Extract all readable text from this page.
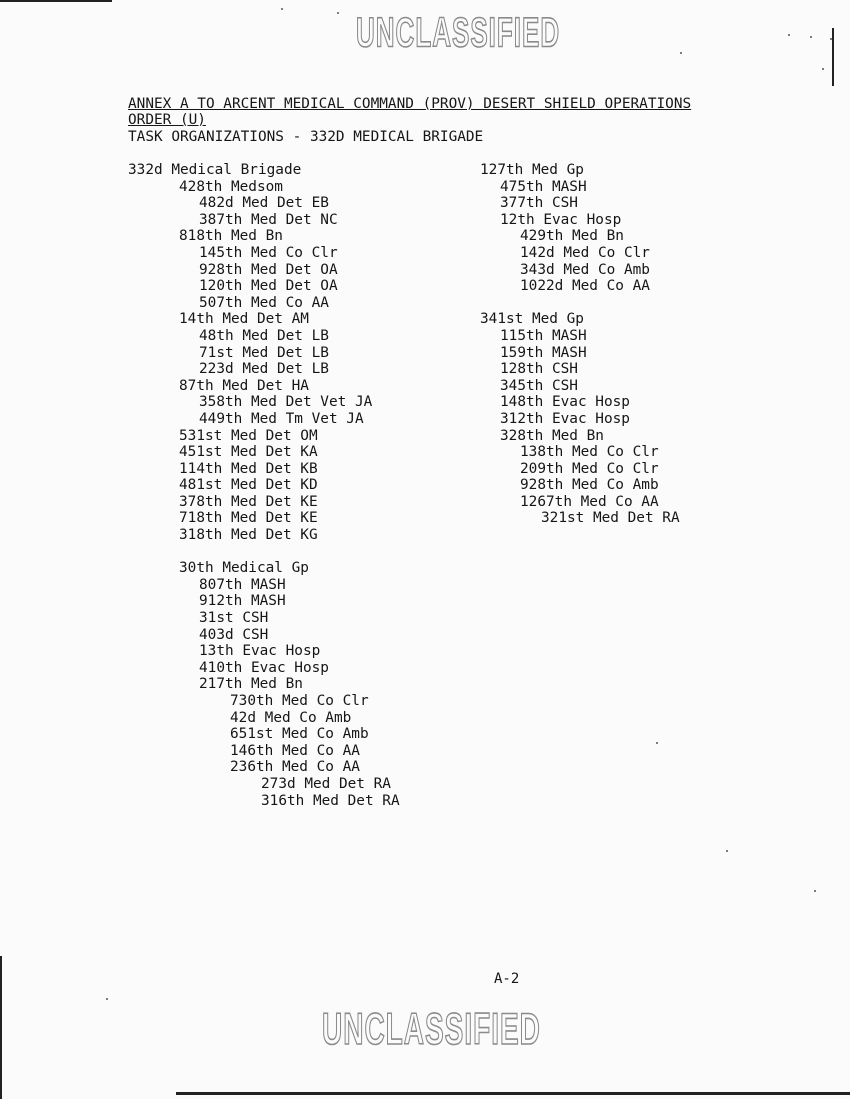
UNCLASSIFIED
ANNEX A TO ARCENT MEDICAL COMMAND (PROV) DESERT SHIELD OPERATIONS
ORDER (U)
TASK ORGANIZATIONS - 332D MEDICAL BRIGADE
332d Medical Brigade
428th Medsom
482d Med Det EB
387th Med Det NC
818th Med Bn
145th Med Co Clr
928th Med Det OA
120th Med Det OA
507th Med Co AA
14th Med Det AM
48th Med Det LB
71st Med Det LB
223d Med Det LB
87th Med Det HA
358th Med Det Vet JA
449th Med Tm Vet JA
531st Med Det OM
451st Med Det KA
114th Med Det KB
481st Med Det KD
378th Med Det KE
718th Med Det KE
318th Med Det KG
30th Medical Gp
807th MASH
912th MASH
31st CSH
403d CSH
13th Evac Hosp
410th Evac Hosp
217th Med Bn
730th Med Co Clr
42d Med Co Amb
651st Med Co Amb
146th Med Co AA
236th Med Co AA
273d Med Det RA
316th Med Det RA
127th Med Gp
475th MASH
377th CSH
12th Evac Hosp
429th Med Bn
142d Med Co Clr
343d Med Co Amb
1022d Med Co AA
341st Med Gp
115th MASH
159th MASH
128th CSH
345th CSH
148th Evac Hosp
312th Evac Hosp
328th Med Bn
138th Med Co Clr
209th Med Co Clr
928th Med Co Amb
1267th Med Co AA
321st Med Det RA
A-2
UNCLASSIFIED
